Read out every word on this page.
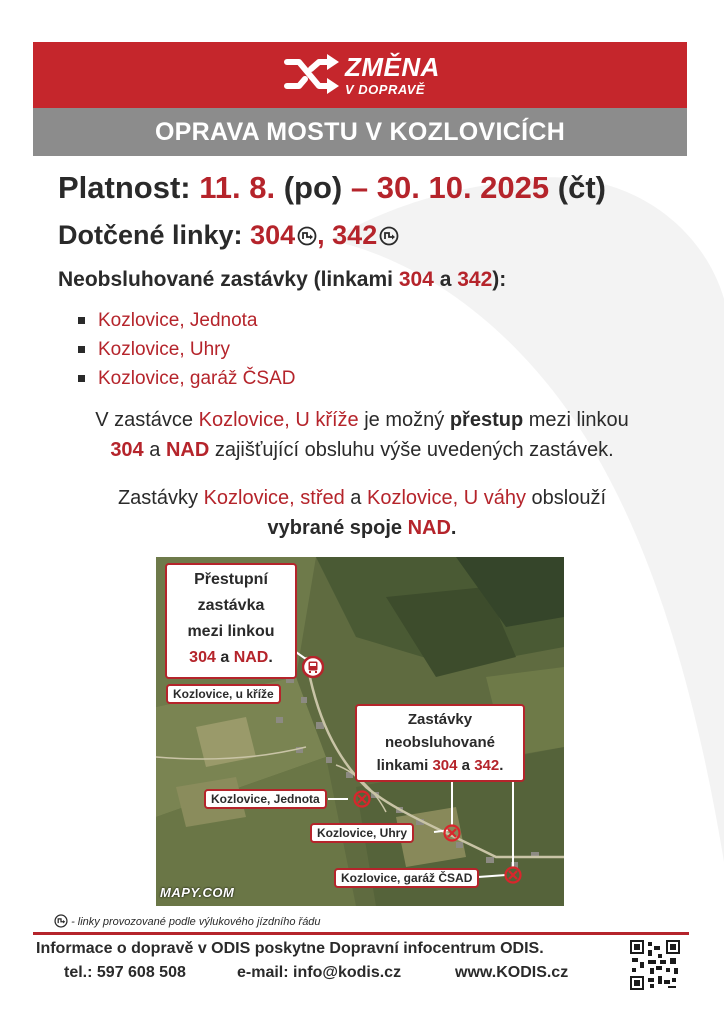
ZMĚNA
V DOPRAVĚ
OPRAVA MOSTU V KOZLOVICÍCH
Platnost: 11. 8. (po) – 30. 10. 2025 (čt)
Dotčené linky: 304 , 342
Neobsluhované zastávky (linkami 304 a 342):
Kozlovice, Jednota
Kozlovice, Uhry
Kozlovice, garáž ČSAD
V zastávce Kozlovice, U kříže je možný přestup mezi linkou
304 a NAD zajišťující obsluhu výše uvedených zastávek.
Zastávky Kozlovice, střed a Kozlovice, U váhy obslouží
vybrané spoje NAD.
Přestupní
zastávka
mezi linkou
304 a NAD.
Kozlovice, u kříže
Zastávky
neobsluhované
linkami 304 a 342.
Kozlovice, Jednota
Kozlovice, Uhry
Kozlovice, garáž ČSAD
MAPY.COM
- linky provozované podle výlukového jízdního řádu
Informace o dopravě v ODIS poskytne Dopravní infocentrum ODIS.
tel.: 597 608 508	e-mail: info@kodis.cz	www.KODIS.cz
